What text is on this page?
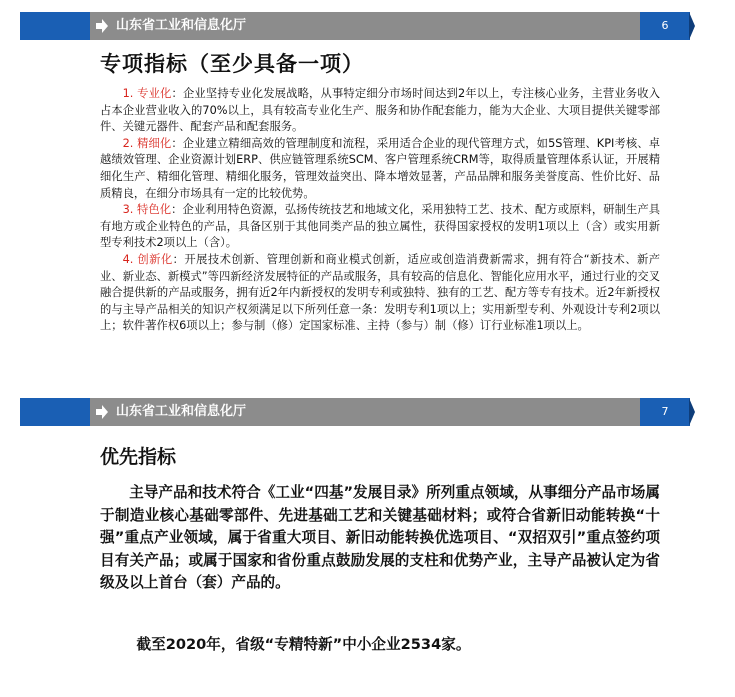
山东省工业和信息化厅	6
专项指标（至少具备一项）

1. 专业化：企业坚持专业化发展战略，从事特定细分市场时间达到2年以上，专注核心业务，主营业务收入占本企业营业收入的70%以上，具有较高专业化生产、服务和协作配套能力，能为大企业、大项目提供关键零部件、关键元器件、配套产品和配套服务。

2. 精细化：企业建立精细高效的管理制度和流程，采用适合企业的现代管理方式，如5S管理、KPI考核、卓越绩效管理、企业资源计划ERP、供应链管理系统SCM、客户管理系统CRM等，取得质量管理体系认证，开展精细化生产、精细化管理、精细化服务，管理效益突出、降本增效显著，产品品牌和服务美誉度高、性价比好、品质精良，在细分市场具有一定的比较优势。

3. 特色化：企业利用特色资源，弘扬传统技艺和地域文化，采用独特工艺、技术、配方或原料，研制生产具有地方或企业特色的产品，具备区别于其他同类产品的独立属性，获得国家授权的发明1项以上（含）或实用新型专利技术2项以上（含）。

4. 创新化：开展技术创新、管理创新和商业模式创新，适应或创造消费新需求，拥有符合“新技术、新产业、新业态、新模式”等四新经济发展特征的产品或服务，具有较高的信息化、智能化应用水平，通过行业的交叉融合提供新的产品或服务，拥有近2年内新授权的发明专利或独特、独有的工艺、配方等专有技术。近2年新授权的与主导产品相关的知识产权须满足以下所列任意一条：发明专利1项以上；实用新型专利、外观设计专利2项以上；软件著作权6项以上；参与制（修）定国家标准、主持（参与）制（修）订行业标准1项以上。

山东省工业和信息化厅	7
优先指标

主导产品和技术符合《工业“四基”发展目录》所列重点领域，从事细分产品市场属于制造业核心基础零部件、先进基础工艺和关键基础材料；或符合省新旧动能转换“十强”重点产业领域，属于省重大项目、新旧动能转换优选项目、“双招双引”重点签约项目有关产品；或属于国家和省份重点鼓励发展的支柱和优势产业，主导产品被认定为省级及以上首台（套）产品的。

截至2020年，省级“专精特新”中小企业2534家。
